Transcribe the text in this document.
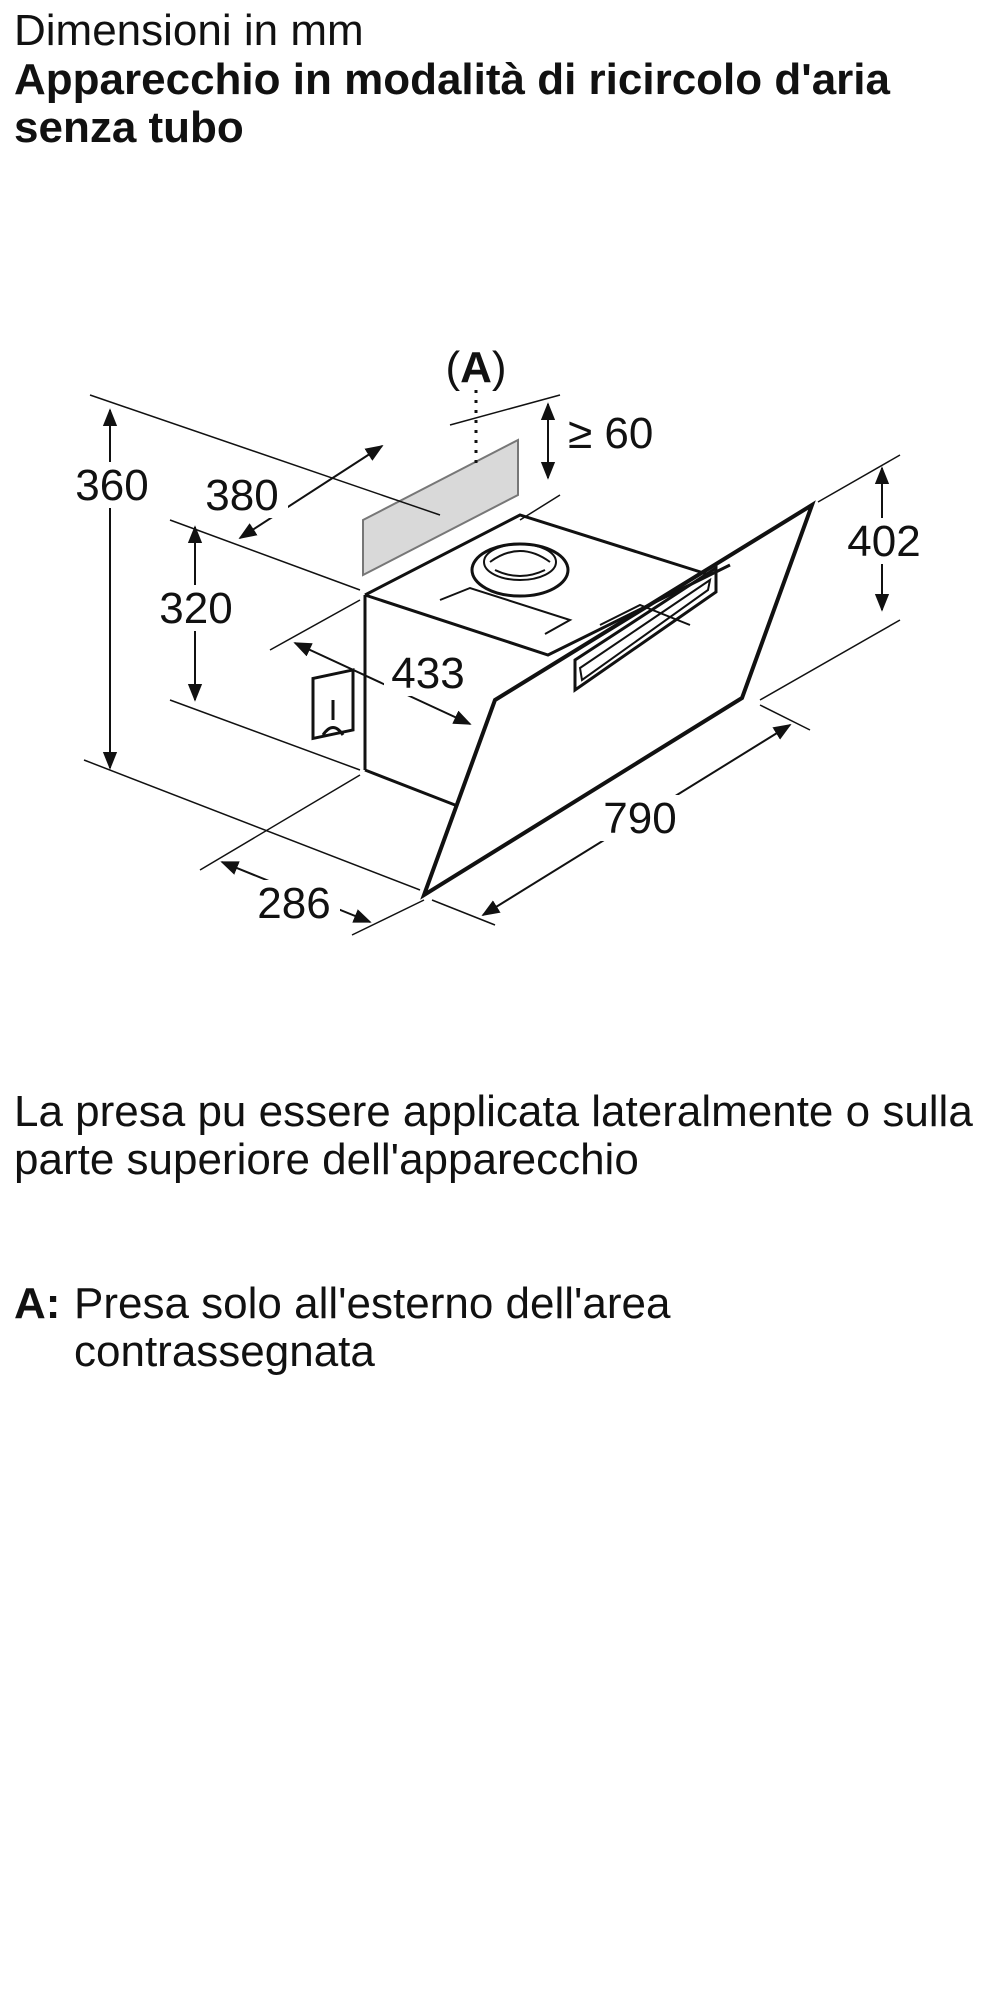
Dimensioni in mm
Apparecchio in modalità di ricircolo d'aria senza tubo
(A)
360 380
320
433
286
790
402
≥ 60
La presa pu essere applicata lateralmente o sulla parte superiore dell'apparecchio
A: Presa solo all'esterno dell'area contrassegnata
